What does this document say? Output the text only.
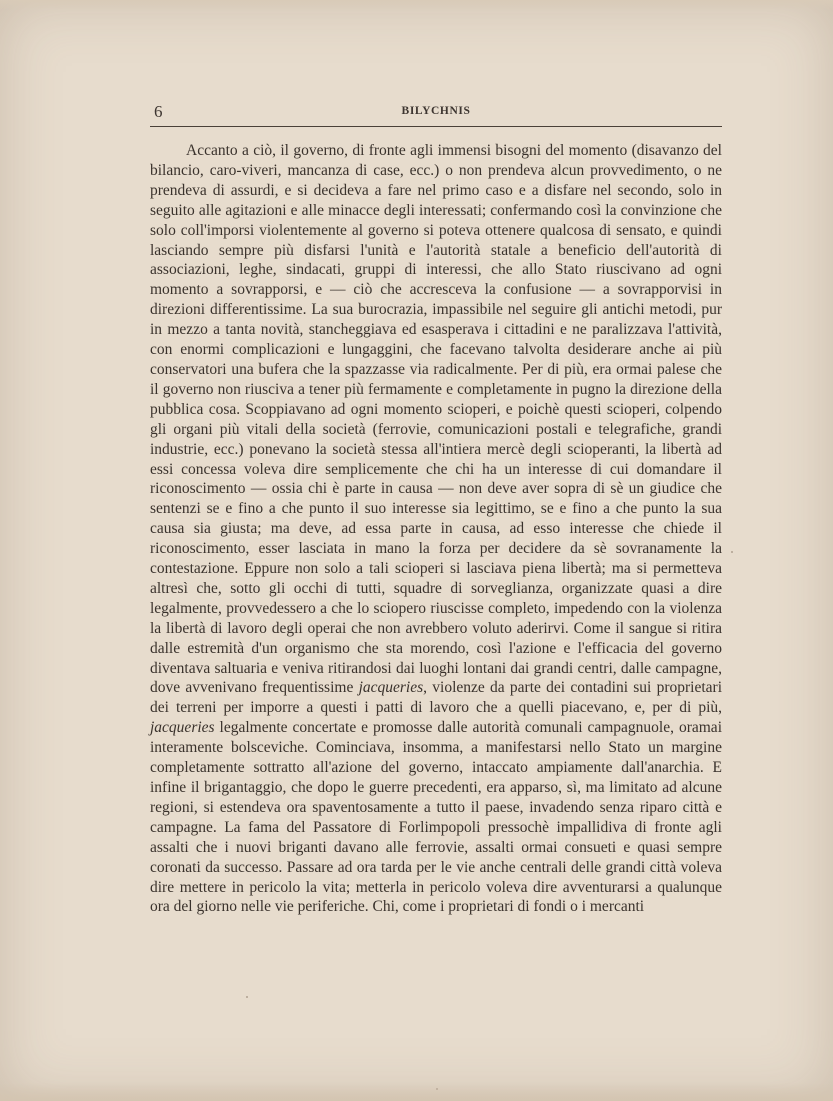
6	BILYCHNIS

Accanto a ciò, il governo, di fronte agli immensi bisogni del momento (disavanzo del bilancio, caro-viveri, mancanza di case, ecc.) o non prendeva alcun provvedimento, o ne prendeva di assurdi, e si decideva a fare nel primo caso e a disfare nel secondo, solo in seguito alle agitazioni e alle minacce degli interessati; confermando così la convinzione che solo coll'imporsi violentemente al governo si poteva ottenere qualcosa di sensato, e quindi lasciando sempre più disfarsi l'unità e l'autorità statale a beneficio dell'autorità di associazioni, leghe, sindacati, gruppi di interessi, che allo Stato riuscivano ad ogni momento a sovrapporsi, e — ciò che accresceva la confusione — a sovrapporvisi in direzioni differentissime. La sua burocrazia, impassibile nel seguire gli antichi metodi, pur in mezzo a tanta novità, stancheggiava ed esasperava i cittadini e ne paralizzava l'attività, con enormi complicazioni e lungaggini, che facevano talvolta desiderare anche ai più conservatori una bufera che la spazzasse via radicalmente. Per di più, era ormai palese che il governo non riusciva a tener più fermamente e completamente in pugno la direzione della pubblica cosa. Scoppiavano ad ogni momento scioperi, e poichè questi scioperi, colpendo gli organi più vitali della società (ferrovie, comunicazioni postali e telegrafiche, grandi industrie, ecc.) ponevano la società stessa all'intiera mercè degli scioperanti, la libertà ad essi concessa voleva dire semplicemente che chi ha un interesse di cui domandare il riconoscimento — ossia chi è parte in causa — non deve aver sopra di sè un giudice che sentenzi se e fino a che punto il suo interesse sia legittimo, se e fino a che punto la sua causa sia giusta; ma deve, ad essa parte in causa, ad esso interesse che chiede il riconoscimento, esser lasciata in mano la forza per decidere da sè sovranamente la contestazione. Eppure non solo a tali scioperi si lasciava piena libertà; ma si permetteva altresì che, sotto gli occhi di tutti, squadre di sorveglianza, organizzate quasi a dire legalmente, provvedessero a che lo sciopero riuscisse completo, impedendo con la violenza la libertà di lavoro degli operai che non avrebbero voluto aderirvi. Come il sangue si ritira dalle estremità d'un organismo che sta morendo, così l'azione e l'efficacia del governo diventava saltuaria e veniva ritirandosi dai luoghi lontani dai grandi centri, dalle campagne, dove avvenivano frequentissime jacqueries, violenze da parte dei contadini sui proprietari dei terreni per imporre a questi i patti di lavoro che a quelli piacevano, e, per di più, jacqueries legalmente concertate e promosse dalle autorità comunali campagnuole, oramai interamente bolsceviche. Cominciava, insomma, a manifestarsi nello Stato un margine completamente sottratto all'azione del governo, intaccato ampiamente dall'anarchia. E infine il brigantaggio, che dopo le guerre precedenti, era apparso, sì, ma limitato ad alcune regioni, si estendeva ora spaventosamente a tutto il paese, invadendo senza riparo città e campagne. La fama del Passatore di Forlimpopoli pressochè impallidiva di fronte agli assalti che i nuovi briganti davano alle ferrovie, assalti ormai consueti e quasi sempre coronati da successo. Passare ad ora tarda per le vie anche centrali delle grandi città voleva dire mettere in pericolo la vita; metterla in pericolo voleva dire avventurarsi a qualunque ora del giorno nelle vie periferiche. Chi, come i proprietari di fondi o i mercanti
